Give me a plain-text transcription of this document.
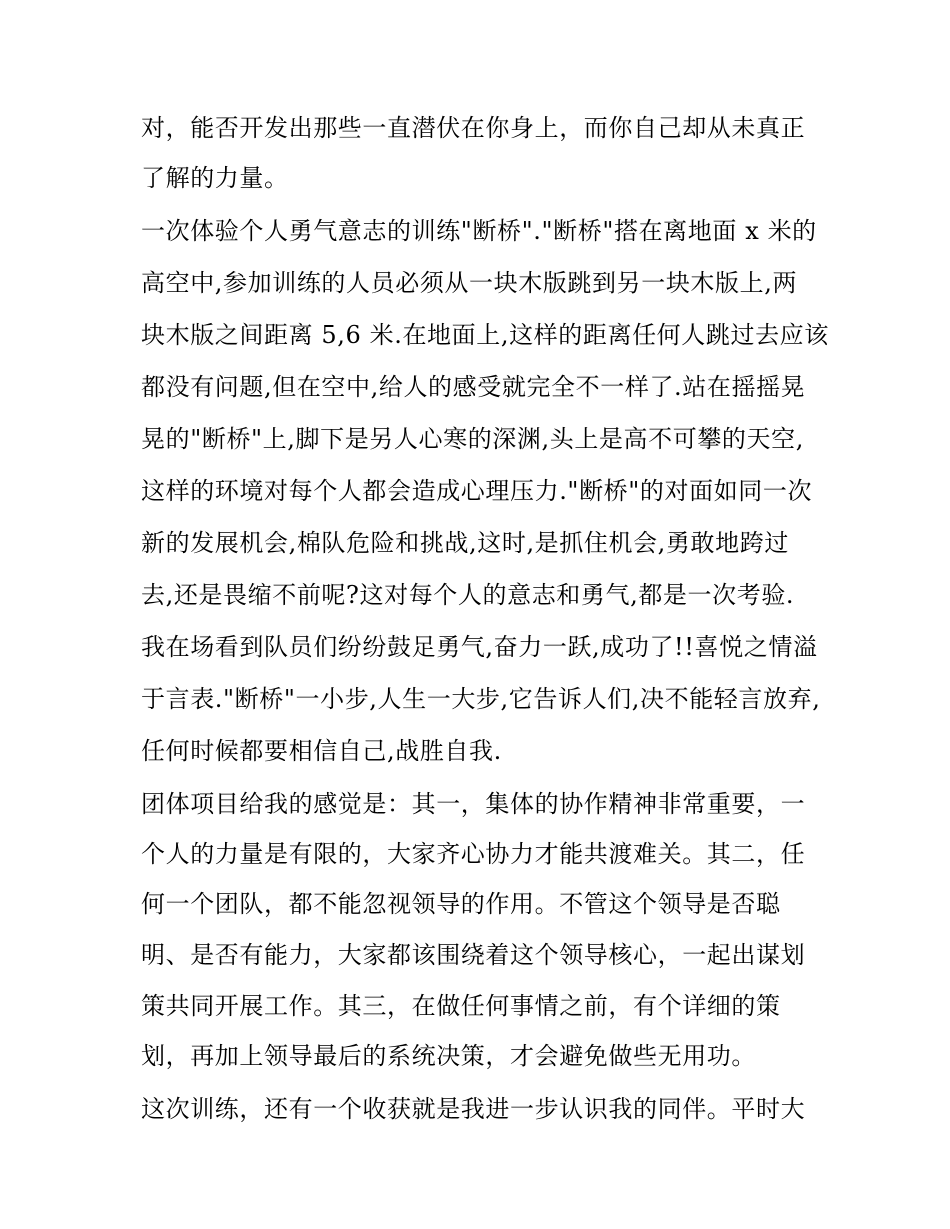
对，能否开发出那些一直潜伏在你身上，而你自己却从未真正
了解的力量。
一次体验个人勇气意志的训练"断桥"."断桥"搭在离地面 x 米的
高空中,参加训练的人员必须从一块木版跳到另一块木版上,两
块木版之间距离 5,6 米.在地面上,这样的距离任何人跳过去应该
都没有问题,但在空中,给人的感受就完全不一样了.站在摇摇晃
晃的"断桥"上,脚下是另人心寒的深渊,头上是高不可攀的天空,
这样的环境对每个人都会造成心理压力."断桥"的对面如同一次
新的发展机会,棉队危险和挑战,这时,是抓住机会,勇敢地跨过
去,还是畏缩不前呢?这对每个人的意志和勇气,都是一次考验.
我在场看到队员们纷纷鼓足勇气,奋力一跃,成功了!!喜悦之情溢
于言表."断桥"一小步,人生一大步,它告诉人们,决不能轻言放弃,
任何时候都要相信自己,战胜自我.
团体项目给我的感觉是：其一，集体的协作精神非常重要，一
个人的力量是有限的，大家齐心协力才能共渡难关。其二，任
何一个团队，都不能忽视领导的作用。不管这个领导是否聪
明、是否有能力，大家都该围绕着这个领导核心，一起出谋划
策共同开展工作。其三，在做任何事情之前，有个详细的策
划，再加上领导最后的系统决策，才会避免做些无用功。
这次训练，还有一个收获就是我进一步认识我的同伴。平时大
